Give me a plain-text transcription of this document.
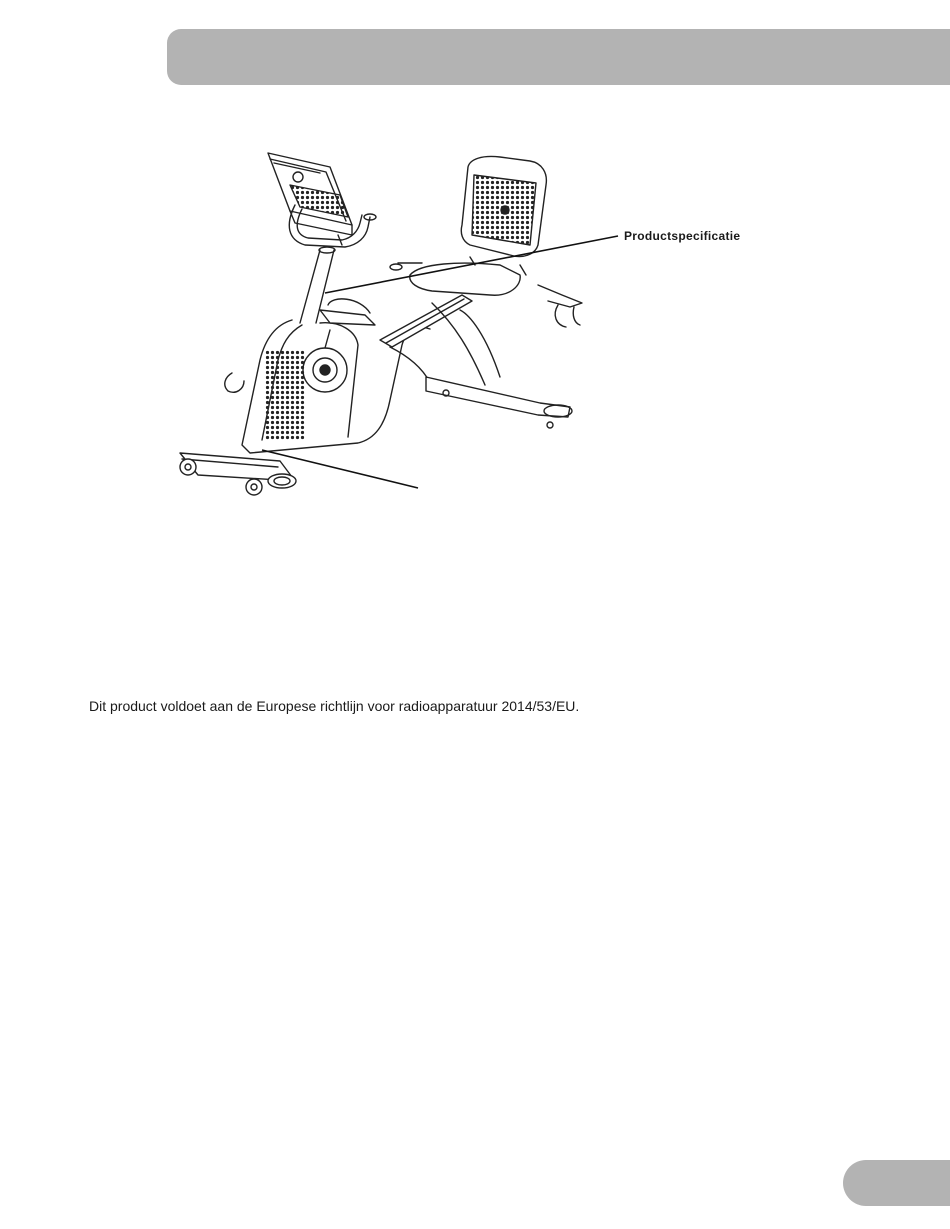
Productspecificatie

Dit product voldoet aan de Europese richtlijn voor radioapparatuur 2014/53/EU.
